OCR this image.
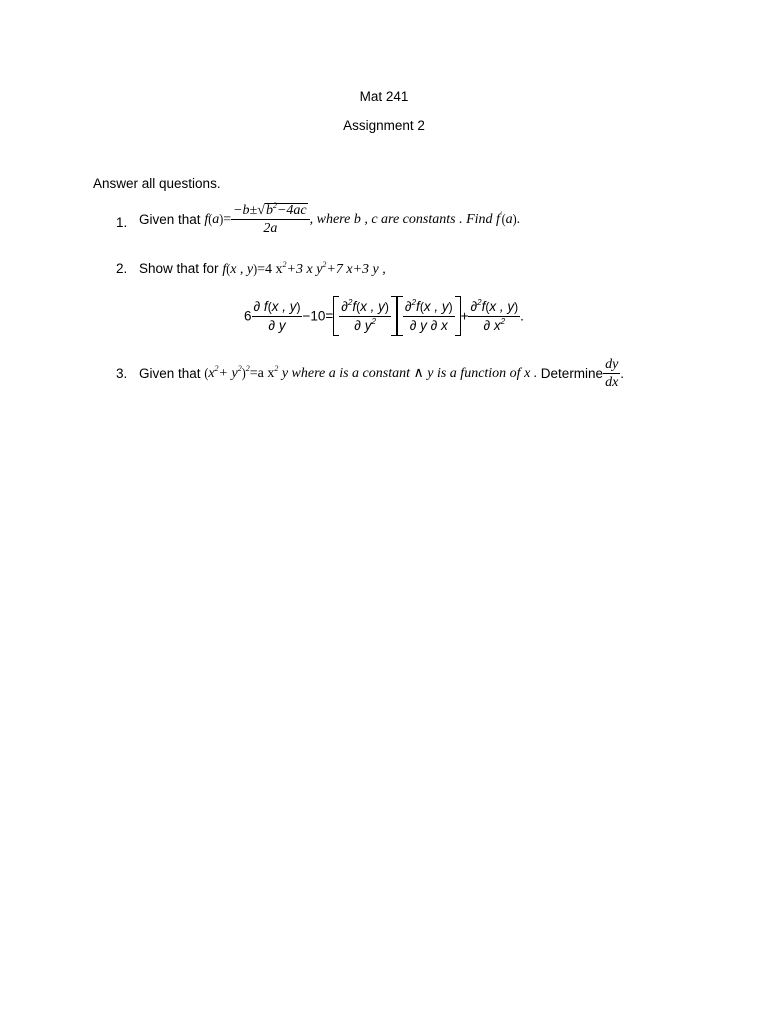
Mat 241
Assignment 2
Answer all questions.
1. Given that $f(a)= \frac{-b\pm√b^2-4ac}{2a}$ , where b , c are constants . Find f′(a).
2. Show that for f(x , y)=4 $x^2+3$ x $y^2+7$ x+3 y ,
$6 \frac{\partial f(x , y)}{\partial y} -10= \frac{\partial^2f(x , y)}{\partial y^2} \frac{\partial^2f(x , y)}{\partial y \partial x} + \frac{\partial^2f(x , y)}{\partial x^2}$ .
3. Given that $(x^2+ y^2)^2=a$ $x^2$ y where a is a constant ∧ y is a function of x . Determine $\frac{dy}{dx}$ .
